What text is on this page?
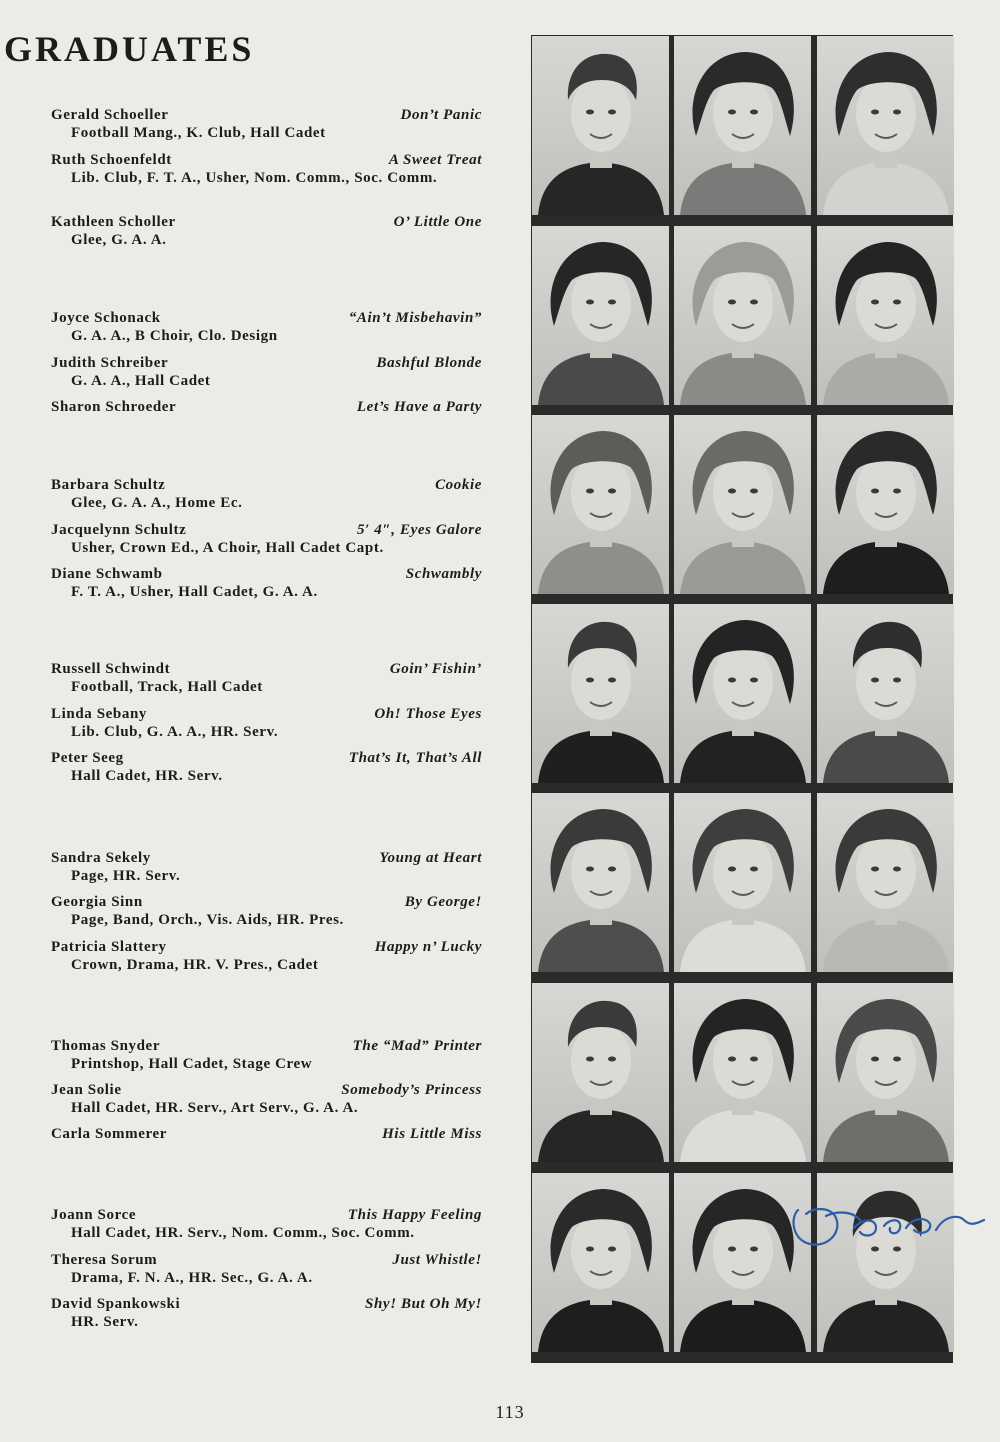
GRADUATES
Gerald Schoeller	Don’t Panic
Football Mang., K. Club, Hall Cadet
Ruth Schoenfeldt	A Sweet Treat
Lib. Club, F. T. A., Usher, Nom. Comm., Soc. Comm.
Kathleen Scholler	O’ Little One
Glee, G. A. A.
Joyce Schonack	“Ain’t Misbehavin”
G. A. A., B Choir, Clo. Design
Judith Schreiber	Bashful Blonde
G. A. A., Hall Cadet
Sharon Schroeder	Let’s Have a Party
Barbara Schultz	Cookie
Glee, G. A. A., Home Ec.
Jacquelynn Schultz	5′ 4″, Eyes Galore
Usher, Crown Ed., A Choir, Hall Cadet Capt.
Diane Schwamb	Schwambly
F. T. A., Usher, Hall Cadet, G. A. A.
Russell Schwindt	Goin’ Fishin’
Football, Track, Hall Cadet
Linda Sebany	Oh! Those Eyes
Lib. Club, G. A. A., HR. Serv.
Peter Seeg	That’s It, That’s All
Hall Cadet, HR. Serv.
Sandra Sekely	Young at Heart
Page, HR. Serv.
Georgia Sinn	By George!
Page, Band, Orch., Vis. Aids, HR. Pres.
Patricia Slattery	Happy n’ Lucky
Crown, Drama, HR. V. Pres., Cadet
Thomas Snyder	The “Mad” Printer
Printshop, Hall Cadet, Stage Crew
Jean Solie	Somebody’s Princess
Hall Cadet, HR. Serv., Art Serv., G. A. A.
Carla Sommerer	His Little Miss
Joann Sorce	This Happy Feeling
Hall Cadet, HR. Serv., Nom. Comm., Soc. Comm.
Theresa Sorum	Just Whistle!
Drama, F. N. A., HR. Sec., G. A. A.
David Spankowski	Shy! But Oh My!
HR. Serv.
113
